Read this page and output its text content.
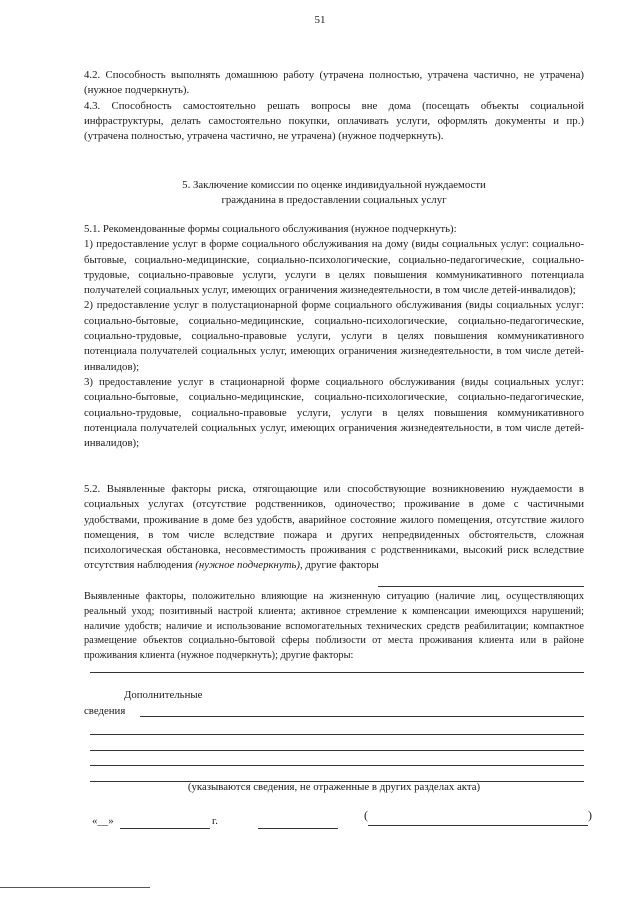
51

4.2. Способность выполнять домашнюю работу (утрачена полностью, утрачена частично, не утрачена) (нужное подчеркнуть).

4.3. Способность самостоятельно решать вопросы вне дома (посещать объекты социальной инфраструктуры, делать самостоятельно покупки, оплачивать услуги, оформлять документы и пр.) (утрачена полностью, утрачена частично, не утрачена) (нужное подчеркнуть).

5. Заключение комиссии по оценке индивидуальной нуждаемости
гражданина в предоставлении социальных услуг

5.1. Рекомендованные формы социального обслуживания (нужное подчеркнуть):

1) предоставление услуг в форме социального обслуживания на дому (виды социальных услуг: социально-бытовые, социально-медицинские, социально-психологические, социально-педагогические, социально-трудовые, социально-правовые услуги, услуги в целях повышения коммуникативного потенциала получателей социальных услуг, имеющих ограничения жизнедеятельности, в том числе детей-инвалидов);

2) предоставление услуг в полустационарной форме социального обслуживания (виды социальных услуг: социально-бытовые, социально-медицинские, социально-психологические, социально-педагогические, социально-трудовые, социально-правовые услуги, услуги в целях повышения коммуникативного потенциала получателей социальных услуг, имеющих ограничения жизнедеятельности, в том числе детей-инвалидов);

3) предоставление услуг в стационарной форме социального обслуживания (виды социальных услуг: социально-бытовые, социально-медицинские, социально-психологические, социально-педагогические, социально-трудовые, социально-правовые услуги, услуги в целях повышения коммуникативного потенциала получателей социальных услуг, имеющих ограничения жизнедеятельности, в том числе детей-инвалидов);

5.2. Выявленные факторы риска, отягощающие или способствующие возникновению нуждаемости в социальных услугах (отсутствие родственников, одиночество; проживание в доме с частичными удобствами, проживание в доме без удобств, аварийное состояние жилого помещения, отсутствие жилого помещения, в том числе вследствие пожара и других непредвиденных обстоятельств, сложная психологическая обстановка, несовместимость проживания с родственниками, высокий риск вследствие отсутствия наблюдения (нужное подчеркнуть), другие факторы

Выявленные факторы, положительно влияющие на жизненную ситуацию (наличие лиц, осуществляющих реальный уход; позитивный настрой клиента; активное стремление к компенсации имеющихся нарушений; наличие удобств; наличие и использование вспомогательных технических средств реабилитации; компактное размещение объектов социально-бытовой сферы поблизости от места проживания клиента или в районе проживания клиента (нужное подчеркнуть); другие факторы:

Дополнительные
сведения
(указываются сведения, не отраженные в других разделах акта)
«__»	г.	(	)
